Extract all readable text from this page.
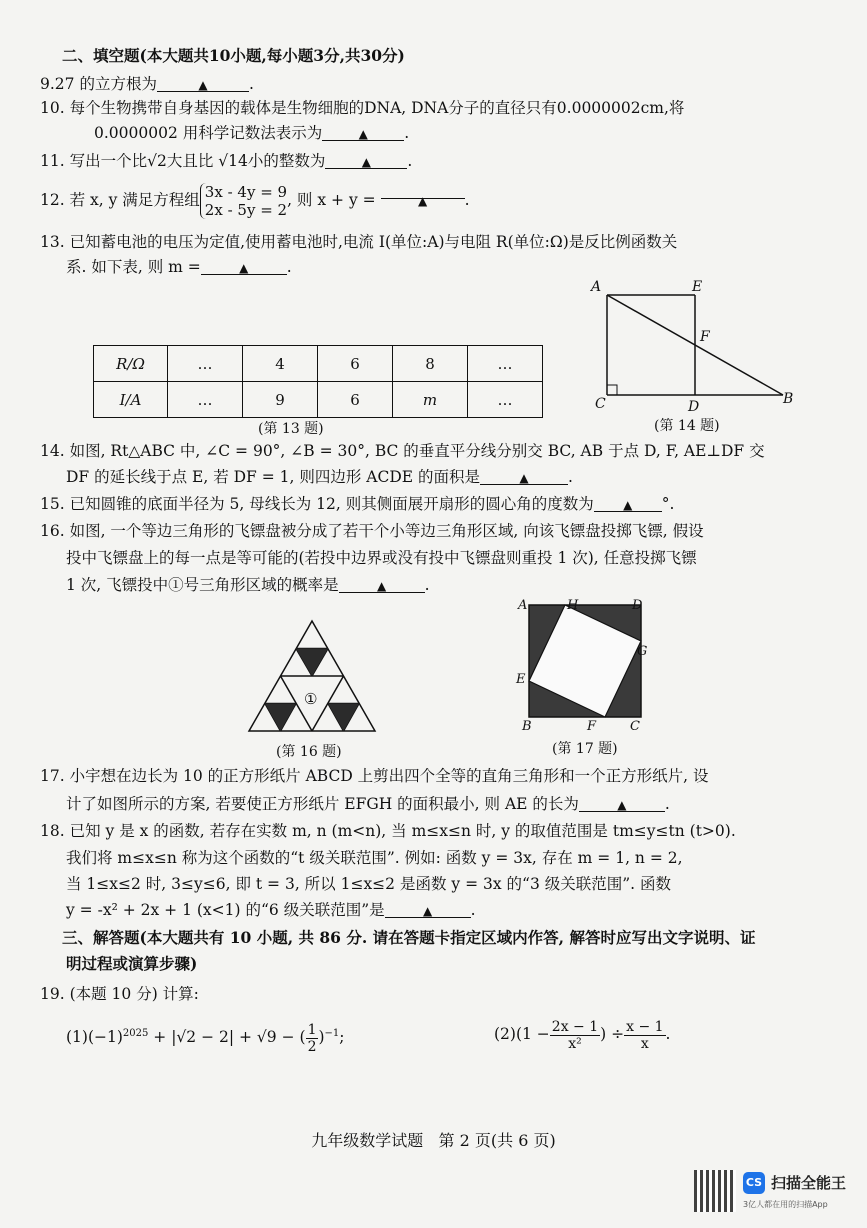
二、填空题(本大题共10小题,每小题3分,共30分)
9.27 的立方根为	▲	.
10. 每个生物携带自身基因的载体是生物细胞的DNA, DNA分子的直径只有0.0000002cm,将
0.0000002 用科学记数法表示为	▲ .
11. 写出一个比√2大且比 √14小的整数为	▲ .
12. 若 x, y 满足方程组 3x - 4y = 9
2x - 5y = 2
, 则 x + y =	▲ .
13. 已知蓄电池的电压为定值,使用蓄电池时,电流 I(单位:A)与电阻 R(单位:Ω)是反比例函数关
系. 如下表, 则 m =	▲ .
R/Ω	…	4	6	8	…
I/A	…	9	6	m	…
(第 13 题)
A	E
F
C	D	B
(第 14 题)
14. 如图, Rt△ABC 中, ∠C = 90°, ∠B = 30°, BC 的垂直平分线分别交 BC, AB 于点 D, F, AE⊥DF 交
DF 的延长线于点 E, 若 DF = 1, 则四边形 ACDE 的面积是	▲	.
15. 已知圆锥的底面半径为 5, 母线长为 12, 则其侧面展开扇形的圆心角的度数为 ▲ °.
16. 如图, 一个等边三角形的飞镖盘被分成了若干个小等边三角形区域, 向该飞镖盘投掷飞镖, 假设
投中飞镖盘上的每一点是等可能的(若投中边界或没有投中飞镖盘则重投 1 次), 任意投掷飞镖
1 次, 飞镖投中①号三角形区域的概率是	▲ .
①
(第 16 题)
A	H	D
G
E
B	F	C
(第 17 题)
17. 小宇想在边长为 10 的正方形纸片 ABCD 上剪出四个全等的直角三角形和一个正方形纸片, 设
计了如图所示的方案, 若要使正方形纸片 EFGH 的面积最小, 则 AE 的长为	▲ .
18. 已知 y 是 x 的函数, 若存在实数 m, n (m<n), 当 m≤x≤n 时, y 的取值范围是 tm≤y≤tn (t>0).
我们将 m≤x≤n 称为这个函数的“t 级关联范围”. 例如: 函数 y = 3x, 存在 m = 1, n = 2,
当 1≤x≤2 时, 3≤y≤6, 即 t = 3, 所以 1≤x≤2 是函数 y = 3x 的“3 级关联范围”. 函数
y = -x² + 2x + 1 (x<1) 的“6 级关联范围”是	▲ .
三、解答题(本大题共有 10 小题, 共 86 分. 请在答题卡指定区域内作答, 解答时应写出文字说明、证
明过程或演算步骤)
19. (本题 10 分) 计算:
$(1)(-1)^{2025} + |√2 - 2| + √9$ − ( $\frac{1}{2} )^{-1}$;	$(2)(1 - \frac{2x - 1}{\text{x²}}$ ) ÷ $\frac{x - 1}{x}$ .
九年级数学试题   第 2 页(共 6 页)
CS 扫描全能王
3亿人都在用的扫描App
